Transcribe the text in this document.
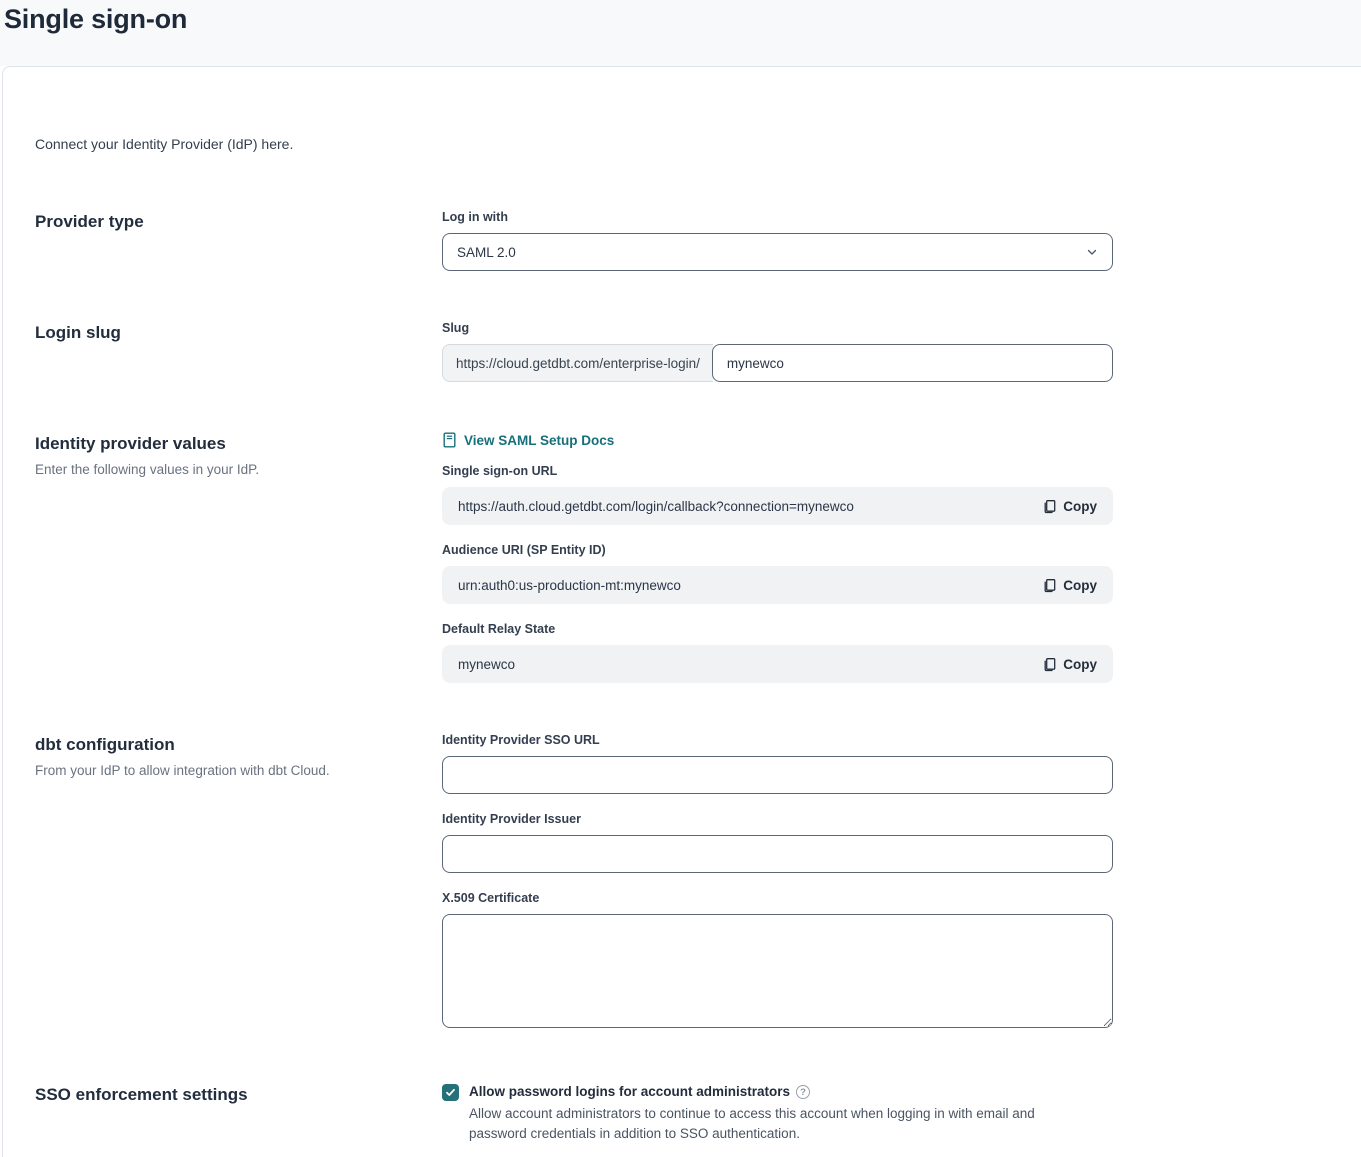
Single sign-on

Connect your Identity Provider (IdP) here.

Provider type	Log in with
SAML 2.0
Login slug	Slug
https://cloud.getdbt.com/enterprise-login/
mynewco
Identity provider values

Enter the following values in your IdP.

View SAML Setup Docs
Single sign-on URL
https://auth.cloud.getdbt.com/login/callback?connection=mynewco	Copy
Audience URI (SP Entity ID)
urn:auth0:us-production-mt:mynewco	Copy
Default Relay State
mynewco	Copy
dbt configuration

From your IdP to allow integration with dbt Cloud.

Identity Provider SSO URL
Identity Provider Issuer
X.509 Certificate
SSO enforcement settings	Allow password logins for account administrators	?

Allow account administrators to continue to access this account when logging in with email and password credentials in addition to SSO authentication.
